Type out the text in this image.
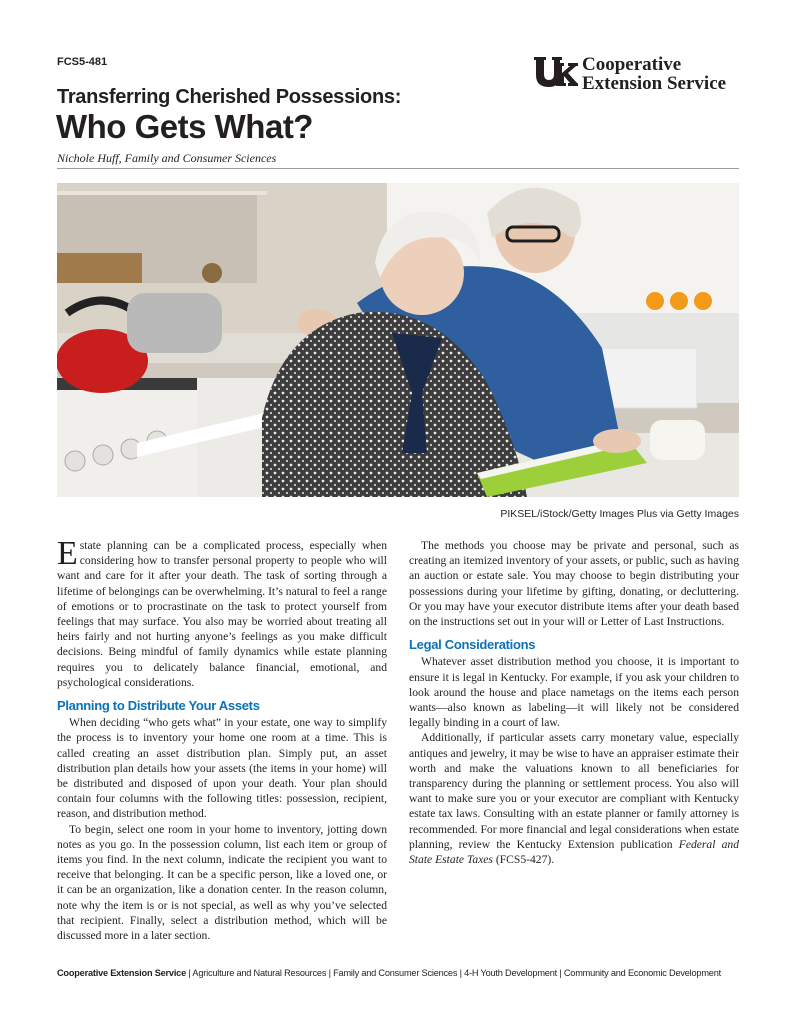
FCS5-481	Cooperative
Extension Service
Transferring Cherished Possessions:
Who Gets What?
Nichole Huff, Family and Consumer Sciences
PIKSEL/iStock/Getty Images Plus via Getty Images

Estate planning can be a complicated process, especially when considering how to transfer personal property to people who will want and care for it after your death. The task of sorting through a lifetime of belongings can be overwhelming. It’s natural to feel a range of emotions or to procrastinate on the task to protect yourself from feelings that may surface. You also may be worried about treating all heirs fairly and not hurting anyone’s feelings as you make difficult decisions. Being mindful of family dynamics while estate planning requires you to delicately balance financial, emotional, and psychological considerations.

Planning to Distribute Your Assets

When deciding “who gets what” in your estate, one way to simplify the process is to inventory your home one room at a time. This is called creating an asset distribution plan. Simply put, an asset distribution plan details how your assets (the items in your home) will be distributed and disposed of upon your death. Your plan should contain four columns with the following titles: possession, recipient, reason, and distribution method.

To begin, select one room in your home to inventory, jotting down notes as you go. In the possession column, list each item or group of items you find. In the next column, indicate the recipient you want to receive that belonging. It can be a specific person, like a loved one, or it can be an organization, like a donation center. In the reason column, note why the item is or is not special, as well as why you’ve selected that recipient. Finally, select a distribution method, which will be discussed more in a later section.

The methods you choose may be private and personal, such as creating an itemized inventory of your assets, or public, such as having an auction or estate sale. You may choose to begin distributing your possessions during your lifetime by gifting, donating, or decluttering. Or you may have your executor distribute items after your death based on the instructions set out in your will or Letter of Last Instructions.

Legal Considerations

Whatever asset distribution method you choose, it is important to ensure it is legal in Kentucky. For example, if you ask your children to look around the house and place nametags on the items each person wants—also known as labeling—it will likely not be considered legally binding in a court of law.

Additionally, if particular assets carry monetary value, especially antiques and jewelry, it may be wise to have an appraiser estimate their worth and make the valuations known to all beneficiaries for transparency during the planning or settlement process. You also will want to make sure you or your executor are compliant with Kentucky estate tax laws. Consulting with an estate planner or family attorney is recommended. For more financial and legal considerations when estate planning, review the Kentucky Extension publication Federal and State Estate Taxes (FCS5-427).

Cooperative Extension Service | Agriculture and Natural Resources | Family and Consumer Sciences | 4-H Youth Development | Community and Economic Development
